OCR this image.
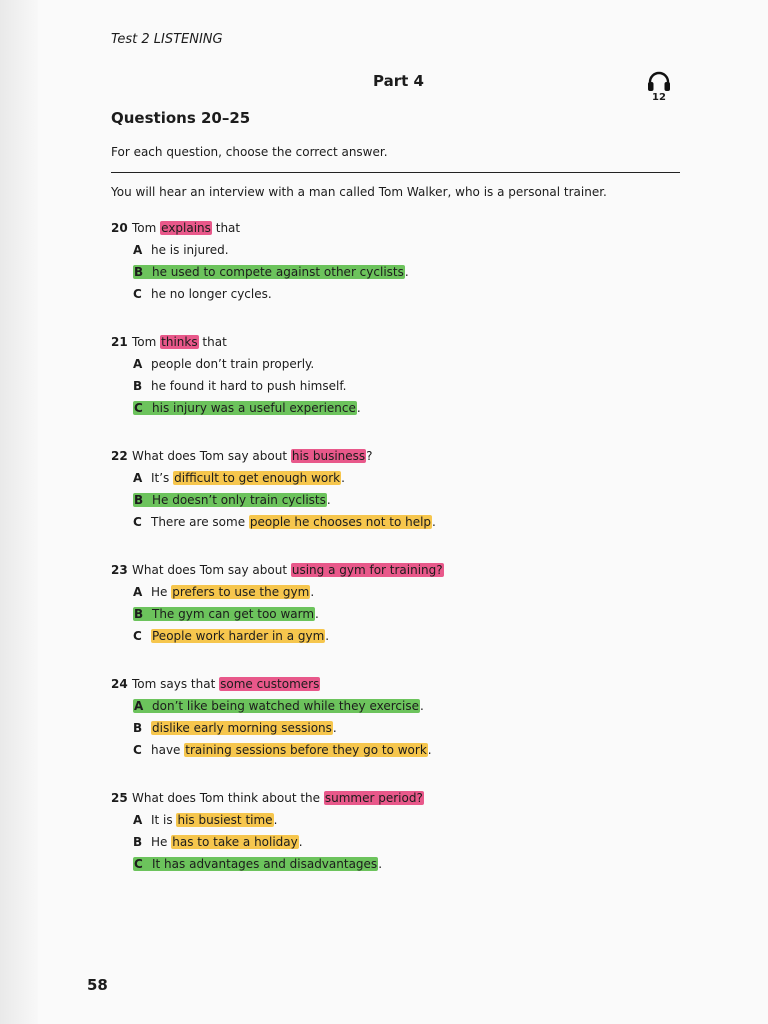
Test 2 LISTENING
Part 4
12
Questions 20–25
For each question, choose the correct answer.
You will hear an interview with a man called Tom Walker, who is a personal trainer.
20 Tom explains that
A he is injured.
B he used to compete against other cyclists.
C he no longer cycles.
21 Tom thinks that
A people don’t train properly.
B he found it hard to push himself.
C his injury was a useful experience.
22 What does Tom say about his business?
A It’s difficult to get enough work.
B He doesn’t only train cyclists.
C There are some people he chooses not to help.
23 What does Tom say about using a gym for training?
A He prefers to use the gym.
B The gym can get too warm.
C People work harder in a gym.
24 Tom says that some customers
A don’t like being watched while they exercise.
B dislike early morning sessions.
C have training sessions before they go to work.
25 What does Tom think about the summer period?
A It is his busiest time.
B He has to take a holiday.
C It has advantages and disadvantages.
58
